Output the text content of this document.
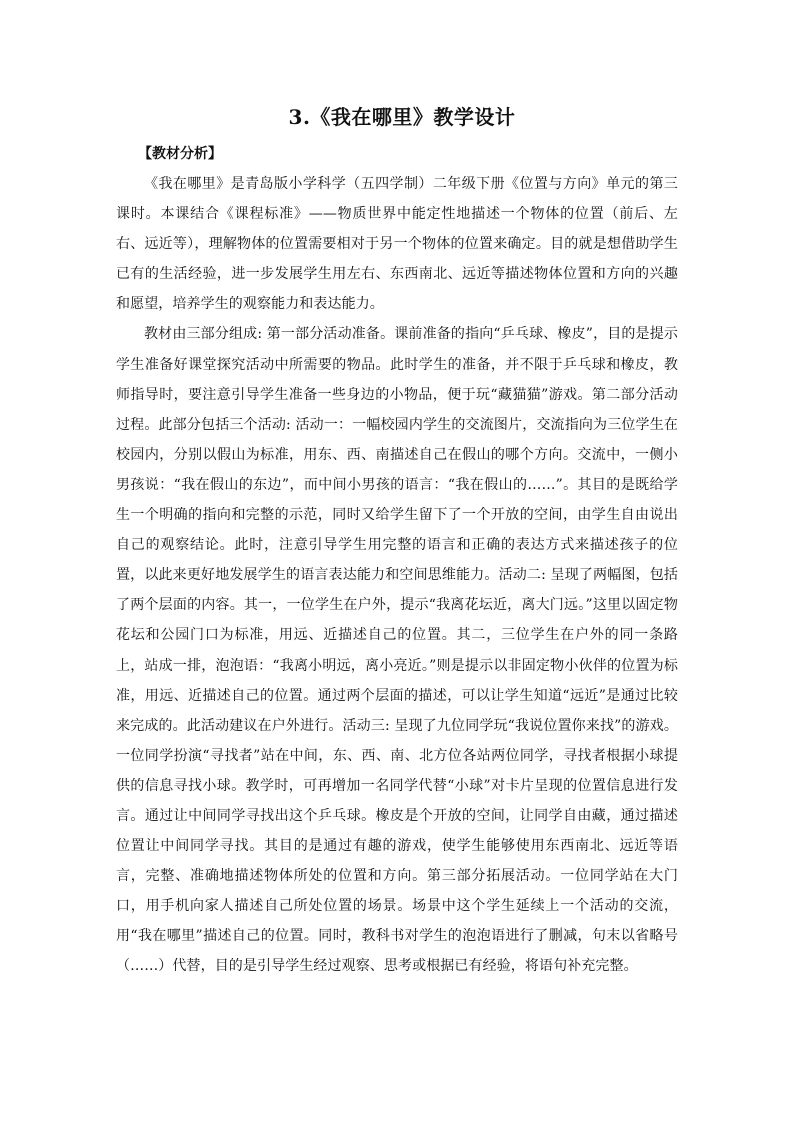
3.《我在哪里》教学设计
【教材分析】

《我在哪里》是青岛版小学科学（五四学制）二年级下册《位置与方向》单元的第三课时。本课结合《课程标准》——物质世界中能定性地描述一个物体的位置（前后、左右、远近等），理解物体的位置需要相对于另一个物体的位置来确定。目的就是想借助学生已有的生活经验，进一步发展学生用左右、东西南北、远近等描述物体位置和方向的兴趣和愿望，培养学生的观察能力和表达能力。

教材由三部分组成: 第一部分活动准备。课前准备的指向“乒乓球、橡皮”，目的是提示学生准备好课堂探究活动中所需要的物品。此时学生的准备，并不限于乒乓球和橡皮，教师指导时，要注意引导学生准备一些身边的小物品，便于玩“藏猫猫”游戏。第二部分活动过程。此部分包括三个活动: 活动一：一幅校园内学生的交流图片，交流指向为三位学生在校园内，分别以假山为标准，用东、西、南描述自己在假山的哪个方向。交流中，一侧小男孩说：“我在假山的东边”，而中间小男孩的语言：“我在假山的……”。其目的是既给学生一个明确的指向和完整的示范，同时又给学生留下了一个开放的空间，由学生自由说出自己的观察结论。此时，注意引导学生用完整的语言和正确的表达方式来描述孩子的位置，以此来更好地发展学生的语言表达能力和空间思维能力。活动二: 呈现了两幅图，包括了两个层面的内容。其一，一位学生在户外，提示“我离花坛近，离大门远。”这里以固定物花坛和公园门口为标准，用远、近描述自己的位置。其二，三位学生在户外的同一条路上，站成一排，泡泡语：“我离小明远，离小亮近。”则是提示以非固定物小伙伴的位置为标准，用远、近描述自己的位置。通过两个层面的描述，可以让学生知道“远近”是通过比较来完成的。此活动建议在户外进行。活动三: 呈现了九位同学玩“我说位置你来找”的游戏。一位同学扮演“寻找者”站在中间，东、西、南、北方位各站两位同学，寻找者根据小球提供的信息寻找小球。教学时，可再增加一名同学代替“小球”对卡片呈现的位置信息进行发言。通过让中间同学寻找出这个乒乓球。橡皮是个开放的空间，让同学自由藏，通过描述位置让中间同学寻找。其目的是通过有趣的游戏，使学生能够使用东西南北、远近等语言，完整、准确地描述物体所处的位置和方向。第三部分拓展活动。一位同学站在大门口，用手机向家人描述自己所处位置的场景。场景中这个学生延续上一个活动的交流，用“我在哪里”描述自己的位置。同时，教科书对学生的泡泡语进行了删减，句末以省略号（……）代替，目的是引导学生经过观察、思考或根据已有经验，将语句补充完整。
